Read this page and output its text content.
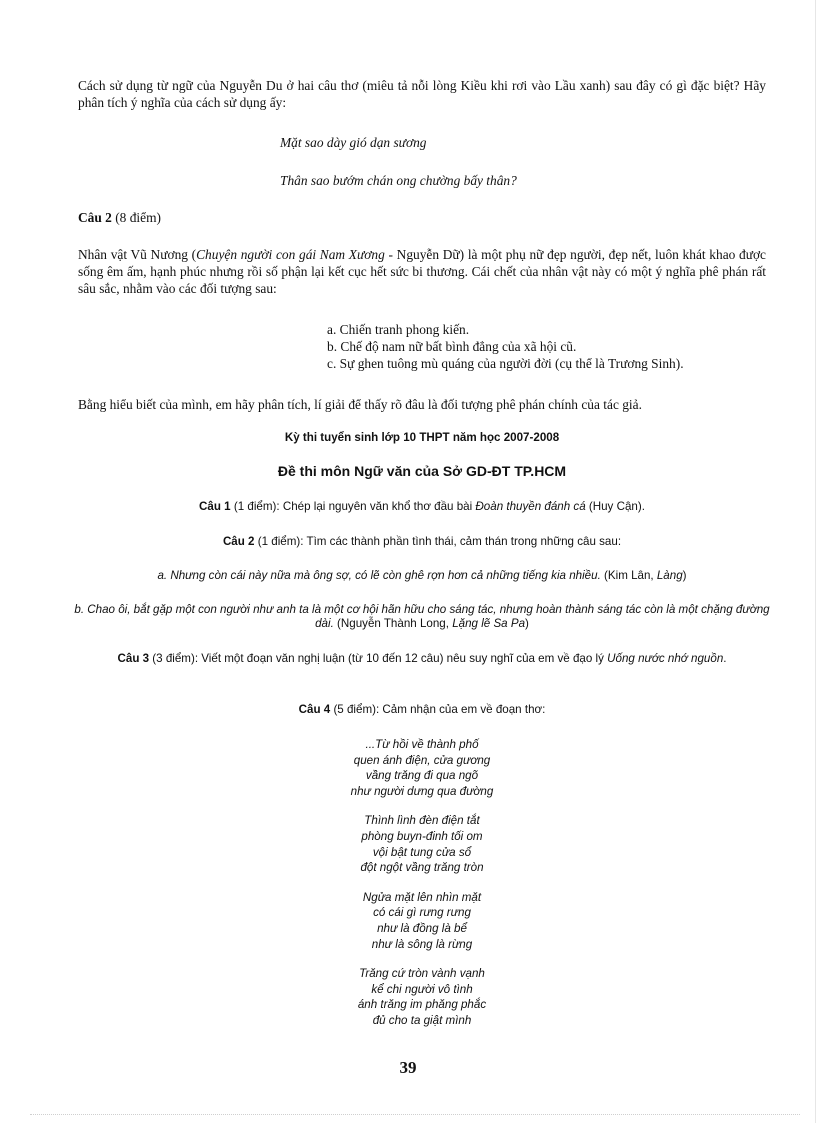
Cách sử dụng từ ngữ của Nguyễn Du ở hai câu thơ (miêu tả nỗi lòng Kiều khi rơi vào Lầu xanh) sau đây có gì đặc biệt? Hãy phân tích ý nghĩa của cách sử dụng ấy:
Mặt sao dày gió dạn sương
Thân sao bướm chán ong chường bấy thân?
Câu 2 (8 điểm)
Nhân vật Vũ Nương (Chuyện người con gái Nam Xương - Nguyễn Dữ) là một phụ nữ đẹp người, đẹp nết, luôn khát khao được sống êm ấm, hạnh phúc nhưng rồi số phận lại kết cục hết sức bi thương. Cái chết của nhân vật này có một ý nghĩa phê phán rất sâu sắc, nhằm vào các đối tượng sau:
a. Chiến tranh phong kiến.
b. Chế độ nam nữ bất bình đẳng của xã hội cũ.
c. Sự ghen tuông mù quáng của người đời (cụ thể là Trương Sinh).
Bằng hiểu biết của mình, em hãy phân tích, lí giải để thấy rõ đâu là đối tượng phê phán chính của tác giả.
Kỳ thi tuyển sinh lớp 10 THPT năm học 2007-2008
Đề thi môn Ngữ văn của Sở GD-ĐT TP.HCM
Câu 1 (1 điểm): Chép lại nguyên văn khổ thơ đầu bài Đoàn thuyền đánh cá (Huy Cận).
Câu 2 (1 điểm): Tìm các thành phần tình thái, cảm thán trong những câu sau:
a. Nhưng còn cái này nữa mà ông sợ, có lẽ còn ghê rợn hơn cả những tiếng kia nhiều. (Kim Lân, Làng)
b. Chao ôi, bắt gặp một con người như anh ta là một cơ hội hãn hữu cho sáng tác, nhưng hoàn thành sáng tác còn là một chặng đường dài. (Nguyễn Thành Long, Lặng lẽ Sa Pa)
Câu 3 (3 điểm): Viết một đoạn văn nghị luận (từ 10 đến 12 câu) nêu suy nghĩ của em về đạo lý Uống nước nhớ nguồn.
Câu 4 (5 điểm): Cảm nhận của em về đoạn thơ:
...Từ hồi về thành phố
quen ánh điện, cửa gương
vầng trăng đi qua ngõ
như người dưng qua đường
Thình lình đèn điện tắt
phòng buyn-đinh tối om
vội bật tung cửa sổ
đột ngột vầng trăng tròn
Ngửa mặt lên nhìn mặt
có cái gì rưng rưng
như là đồng là bể
như là sông là rừng
Trăng cứ tròn vành vạnh
kể chi người vô tình
ánh trăng im phăng phắc
đủ cho ta giật mình
39
